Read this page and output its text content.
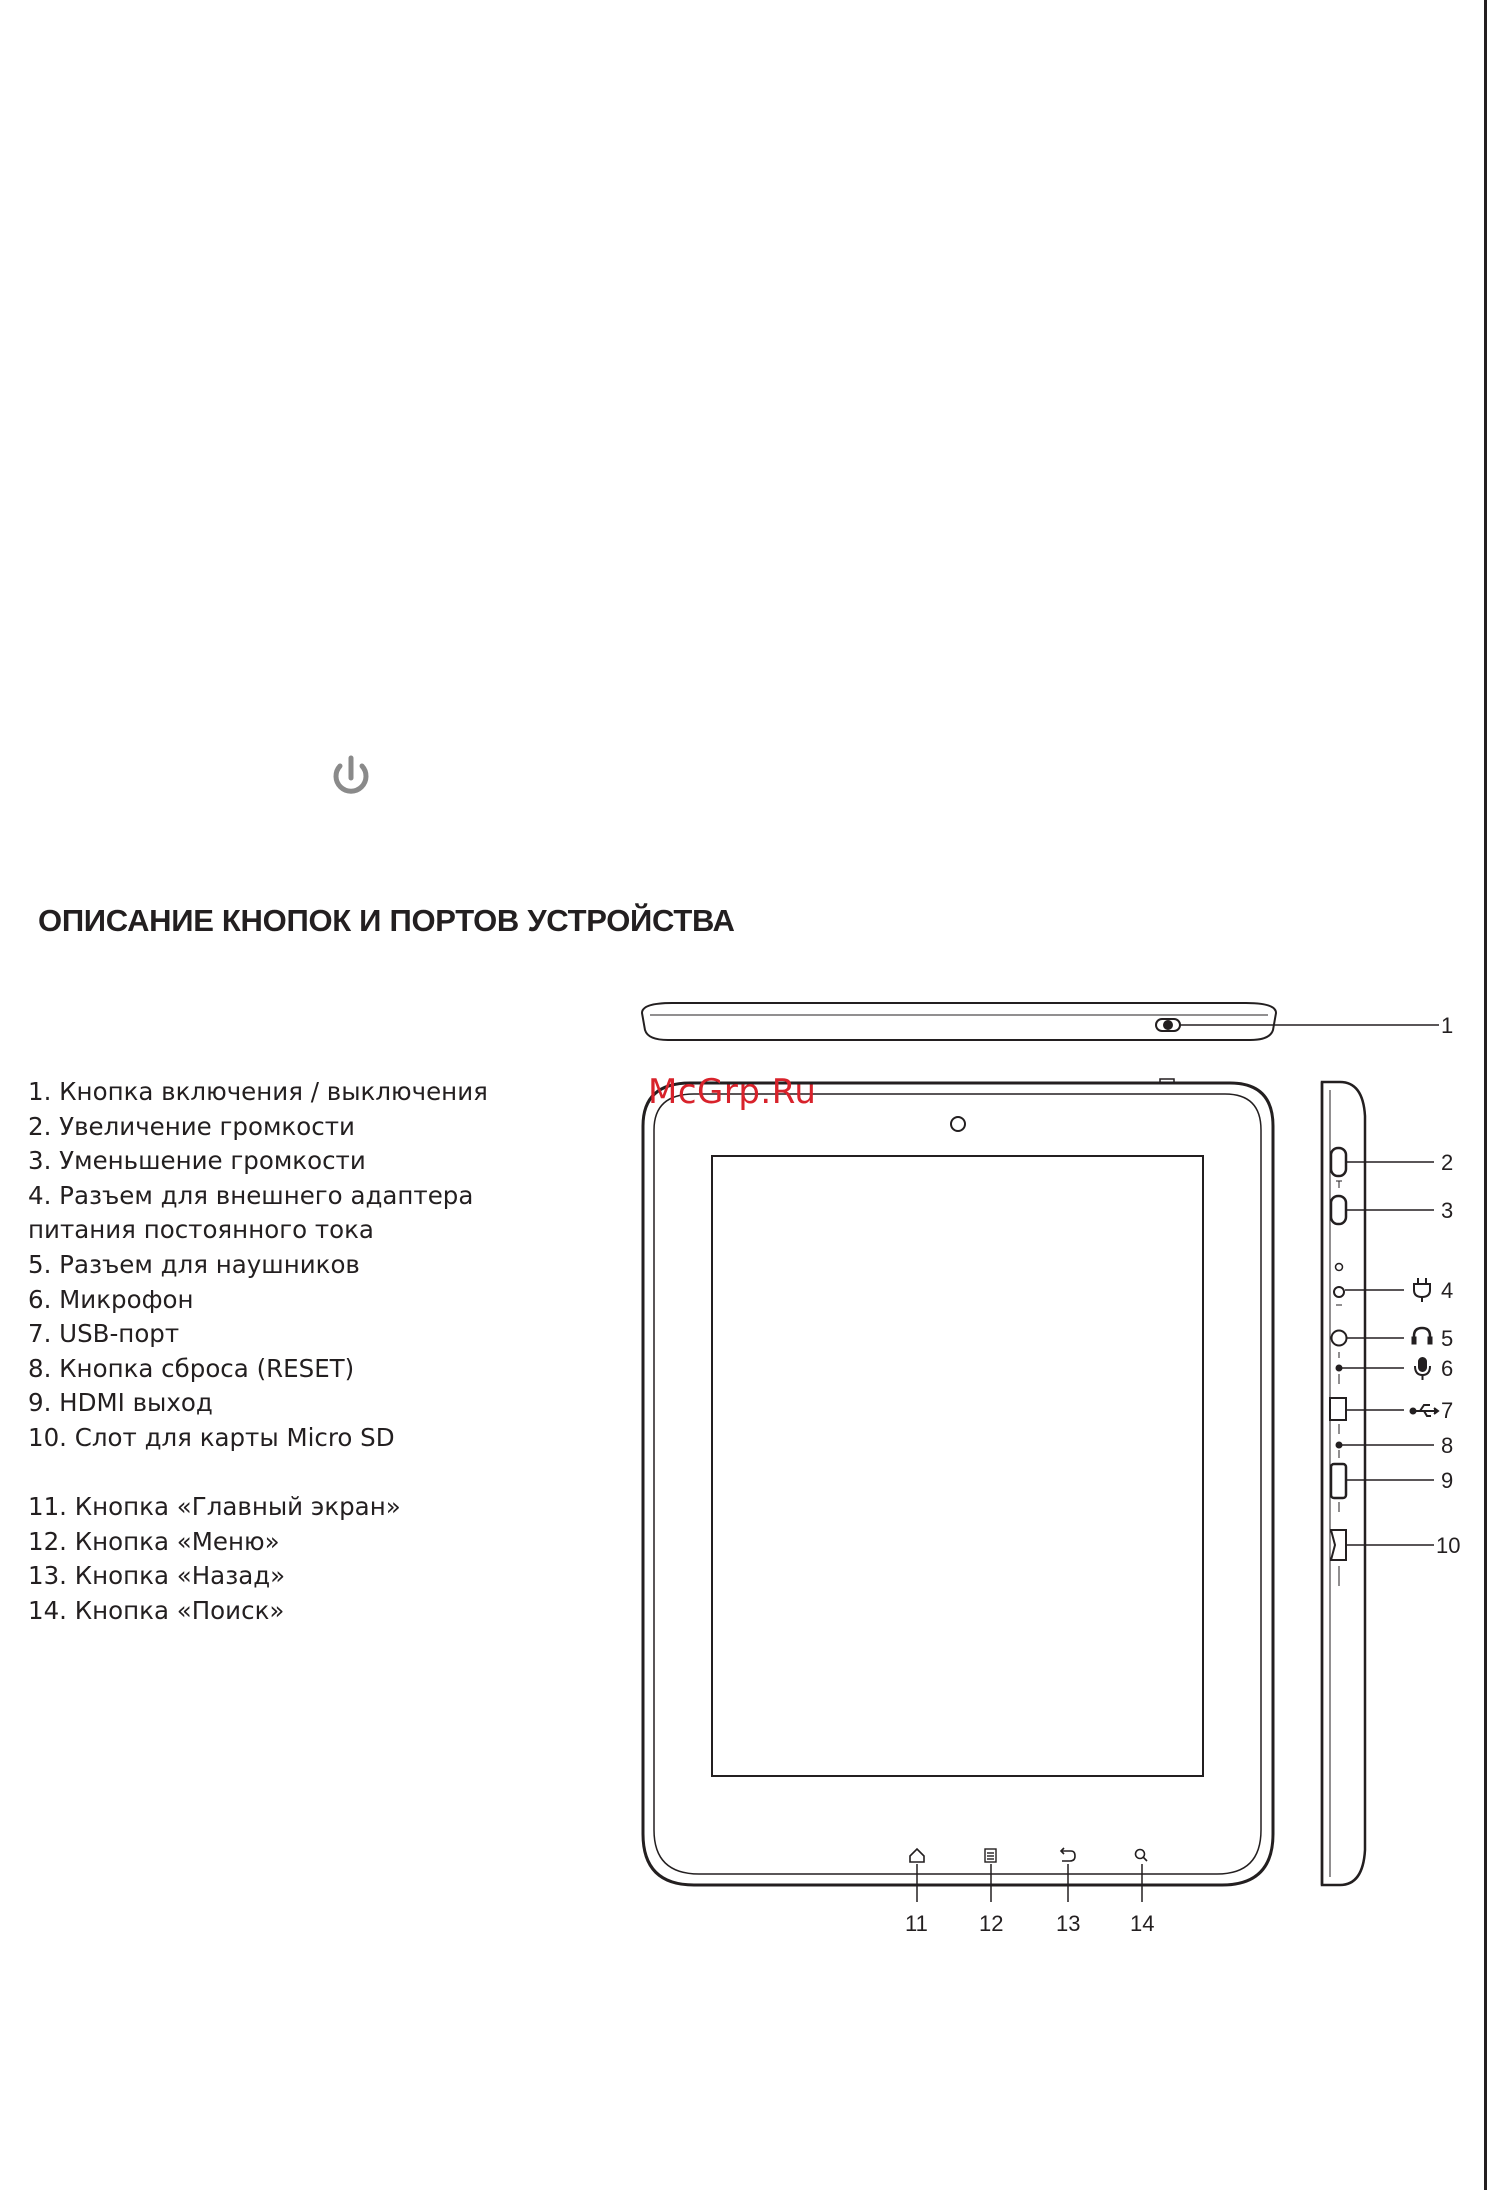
ОПИСАНИЕ КНОПОК И ПОРТОВ УСТРОЙСТВА
1. Кнопка включения / выключения
2. Увеличение громкости
3. Уменьшение громкости
4. Разъем для внешнего адаптера
питания постоянного тока
5. Разъем для наушников
6. Микрофон
7. USB-порт
8. Кнопка сброса (RESET)
9. HDMI выход
10. Слот для карты Micro SD
11. Кнопка «Главный экран»
12. Кнопка «Меню»
13. Кнопка «Назад»
14. Кнопка «Поиск»
1
2
3
4
5
6
7
8
9
10
11 12 13 14
McGrp.Ru
